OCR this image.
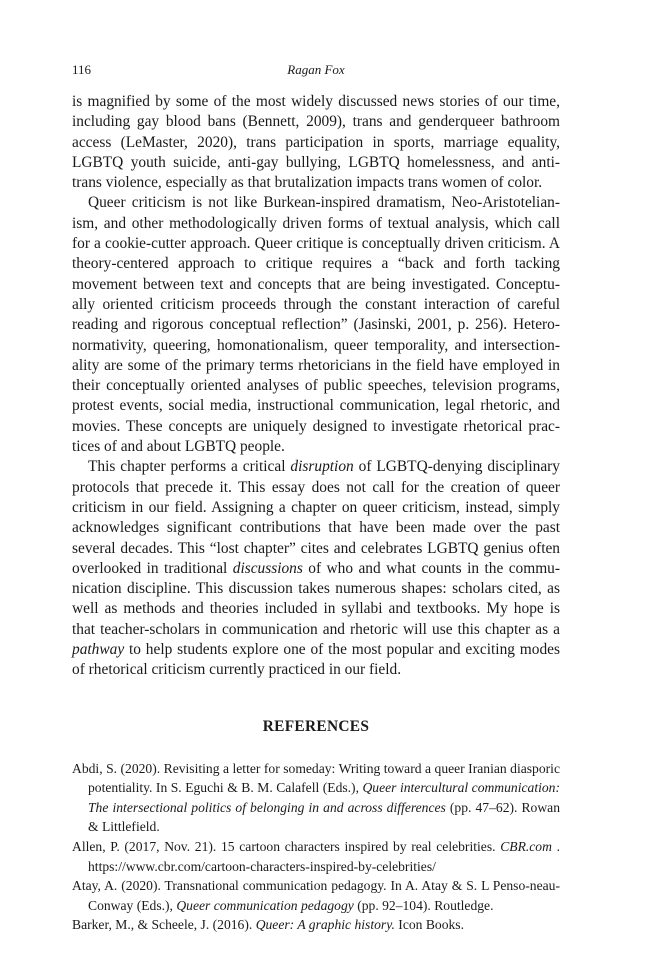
116	Ragan Fox

is magnified by some of the most widely discussed news stories of our time, including gay blood bans (Bennett, 2009), trans and genderqueer bathroom access (LeMaster, 2020), trans participation in sports, marriage equality, LGBTQ youth suicide, anti-gay bullying, LGBTQ homelessness, and anti-trans violence, especially as that brutalization impacts trans women of color.

Queer criticism is not like Burkean-inspired dramatism, Neo-Aristotelian-ism, and other methodologically driven forms of textual analysis, which call for a cookie-cutter approach. Queer critique is conceptually driven criticism. A theory-centered approach to critique requires a “back and forth tacking movement between text and concepts that are being investigated. Conceptu-ally oriented criticism proceeds through the constant interaction of careful reading and rigorous conceptual reflection” (Jasinski, 2001, p. 256). Hetero-normativity, queering, homonationalism, queer temporality, and intersection-ality are some of the primary terms rhetoricians in the field have employed in their conceptually oriented analyses of public speeches, television programs, protest events, social media, instructional communication, legal rhetoric, and movies. These concepts are uniquely designed to investigate rhetorical prac-tices of and about LGBTQ people.

This chapter performs a critical disruption of LGBTQ-denying disciplinary protocols that precede it. This essay does not call for the creation of queer criticism in our field. Assigning a chapter on queer criticism, instead, simply acknowledges significant contributions that have been made over the past several decades. This “lost chapter” cites and celebrates LGBTQ genius often overlooked in traditional discussions of who and what counts in the commu-nication discipline. This discussion takes numerous shapes: scholars cited, as well as methods and theories included in syllabi and textbooks. My hope is that teacher-scholars in communication and rhetoric will use this chapter as a pathway to help students explore one of the most popular and exciting modes of rhetorical criticism currently practiced in our field.

REFERENCES

Abdi, S. (2020). Revisiting a letter for someday: Writing toward a queer Iranian diasporic potentiality. In S. Eguchi & B. M. Calafell (Eds.), Queer intercultural communication: The intersectional politics of belonging in and across differences (pp. 47–62). Rowan & Littlefield.

Allen, P. (2017, Nov. 21). 15 cartoon characters inspired by real celebrities. CBR.com . https://www.cbr.com/cartoon-characters-inspired-by-celebrities/

Atay, A. (2020). Transnational communication pedagogy. In A. Atay & S. L Penso-neau-Conway (Eds.), Queer communication pedagogy (pp. 92–104). Routledge.

Barker, M., & Scheele, J. (2016). Queer: A graphic history. Icon Books.
